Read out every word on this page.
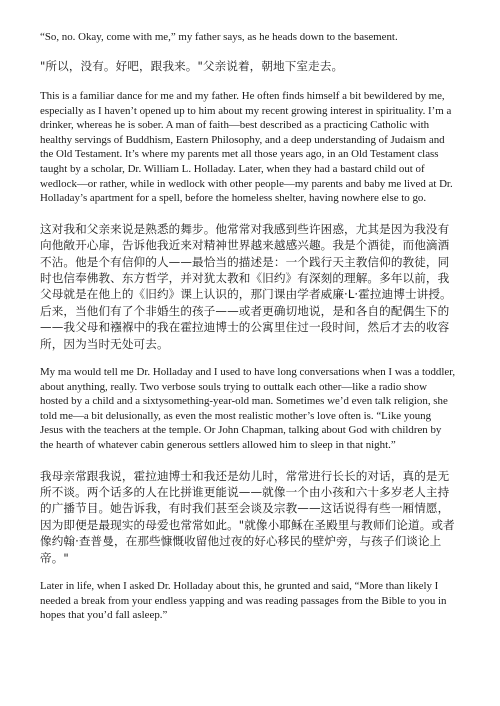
“So, no. Okay, come with me,” my father says, as he heads down to the basement.

"所以，没有。好吧，跟我来。"父亲说着，朝地下室走去。

This is a familiar dance for me and my father. He often finds himself a bit bewildered by me, especially as I haven’t opened up to him about my recent growing interest in spirituality. I’m a drinker, whereas he is sober. A man of faith—best described as a practicing Catholic with healthy servings of Buddhism, Eastern Philosophy, and a deep understanding of Judaism and the Old Testament. It’s where my parents met all those years ago, in an Old Testament class taught by a scholar, Dr. William L. Holladay. Later, when they had a bastard child out of wedlock—or rather, while in wedlock with other people—my parents and baby me lived at Dr. Holladay’s apartment for a spell, before the homeless shelter, having nowhere else to go.

这对我和父亲来说是熟悉的舞步。他常常对我感到些许困惑，尤其是因为我没有向他敞开心扉，告诉他我近来对精神世界越来越感兴趣。我是个酒徒，而他滴酒不沾。他是个有信仰的人——最恰当的描述是：一个践行天主教信仰的教徒，同时也信奉佛教、东方哲学，并对犹太教和《旧约》有深刻的理解。多年以前，我父母就是在他上的《旧约》课上认识的，那门课由学者威廉·L·霍拉迪博士讲授。后来，当他们有了个非婚生的孩子——或者更确切地说，是和各自的配偶生下的——我父母和襁褓中的我在霍拉迪博士的公寓里住过一段时间，然后才去的收容所，因为当时无处可去。

My ma would tell me Dr. Holladay and I used to have long conversations when I was a toddler, about anything, really. Two verbose souls trying to outtalk each other—like a radio show hosted by a child and a sixtysomething-year-old man. Sometimes we’d even talk religion, she told me—a bit delusionally, as even the most realistic mother’s love often is. “Like young Jesus with the teachers at the temple. Or John Chapman, talking about God with children by the hearth of whatever cabin generous settlers allowed him to sleep in that night.”

我母亲常跟我说，霍拉迪博士和我还是幼儿时，常常进行长长的对话，真的是无所不谈。两个话多的人在比拼谁更能说——就像一个由小孩和六十多岁老人主持的广播节目。她告诉我，有时我们甚至会谈及宗教——这话说得有些一厢情愿，因为即便是最现实的母爱也常常如此。"就像小耶稣在圣殿里与教师们论道。或者像约翰·查普曼，在那些慷慨收留他过夜的好心移民的壁炉旁，与孩子们谈论上帝。"

Later in life, when I asked Dr. Holladay about this, he grunted and said, “More than likely I needed a break from your endless yapping and was reading passages from the Bible to you in hopes that you’d fall asleep.”
